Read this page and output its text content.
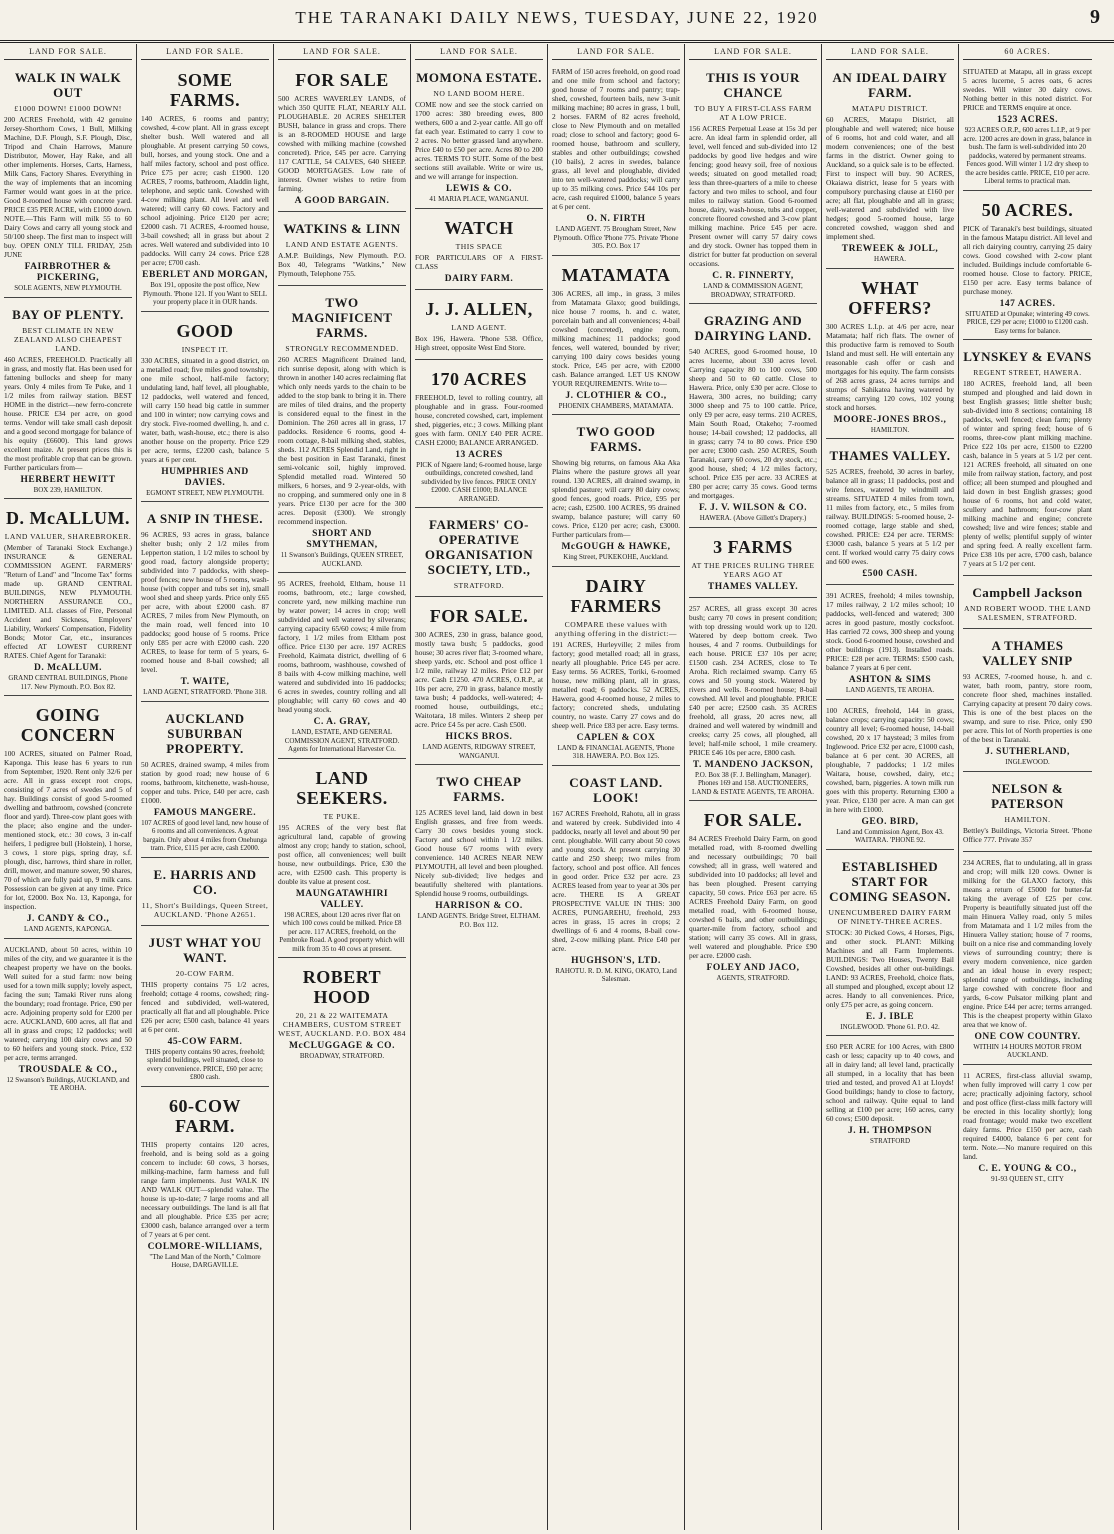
THE TARANAKI DAILY NEWS, TUESDAY, JUNE 22, 1920	9
LAND FOR SALE.
WALK IN WALK OUT
£1000 DOWN! £1000 DOWN!
200 ACRES Freehold, with 42 genuine Jersey-Shorthorn Cows, 1 Bull, Milking Machine, D.F. Plough, S.F. Plough, Disc, Tripod and Chain Harrows, Manure Distributor, Mower, Hay Rake, and all other implements. Horses, Carts, Harness, Milk Cans, Factory Shares. Everything in the way of implements that an incoming Farmer would want goes in at the price. Good 8-roomed house with concrete yard. PRICE £35 PER ACRE, with £1000 down. NOTE.—This Farm will milk 55 to 60 Dairy Cows and carry all young stock and 50/100 sheep. The first man to inspect will buy. OPEN ONLY TILL FRIDAY, 25th JUNE
FAIRBROTHER & PICKERING,
SOLE AGENTS, NEW PLYMOUTH.
BAY OF PLENTY.
BEST CLIMATE IN NEW ZEALAND ALSO CHEAPEST LAND.
460 ACRES, FREEHOLD. Practically all in grass, and mostly flat. Has been used for fattening bullocks and sheep for many years. Only 4 miles from Te Puke, and 1 1/2 miles from railway station. BEST HOME in the district—new ferro-concrete house. PRICE £34 per acre, on good terms. Vendor will take small cash deposit and a good second mortgage for balance of his equity (£6600). This land grows excellent maize. At present prices this is the most profitable crop that can be grown. Further particulars from—
HERBERT HEWITT
BOX 239, HAMILTON.
D. McALLUM.
LAND VALUER, SHAREBROKER.
(Member of Taranaki Stock Exchange.) INSURANCE & GENERAL COMMISSION AGENT. FARMERS' "Return of Land" and "Income Tax" forms made up. GRAND CENTRAL BUILDINGS, NEW PLYMOUTH. NORTHERN ASSURANCE CO., LIMITED. ALL classes of Fire, Personal Accident and Sickness, Employers' Liability, Workers' Compensation, Fidelity Bonds; Motor Car, etc., insurances effected AT LOWEST CURRENT RATES. Chief Agent for Taranaki:
D. McALLUM.
GRAND CENTRAL BUILDINGS, Phone 117. New Plymouth. P.O. Box 82.
GOING CONCERN
100 ACRES, situated on Palmer Road, Kaponga. This lease has 6 years to run from September, 1920. Rent only 32/6 per acre. All in grass except root crops, consisting of 7 acres of swedes and 5 of hay. Buildings consist of good 5-roomed dwelling and bathroom, cowshed (concrete floor and yard). Three-cow plant goes with the place; also engine and the under-mentioned stock, etc.: 30 cows, 3 in-calf heifers, 1 pedigree bull (Holstein), 1 horse, 3 cows, 1 store pigs, spring dray, s.f. plough, disc, harrows, third share in roller, drill, mower, and manure sower, 90 shares, 70 of which are fully paid up, 9 milk cans. Possession can be given at any time. Price for lot, £2000. Box No. 13, Kaponga, for inspection.
J. CANDY & CO.,
LAND AGENTS, KAPONGA.
AUCKLAND, about 50 acres, within 10 miles of the city, and we guarantee it is the cheapest property we have on the books. Well suited for a stud farm: now being used for a town milk supply; lovely aspect, facing the sun; Tamaki River runs along the boundary; road frontage. Price, £90 per acre. Adjoining property sold for £200 per acre. AUCKLAND, 600 acres, all flat and all in grass and crops; 12 paddocks; well watered; carrying 100 dairy cows and 50 to 60 heifers and young stock. Price, £32 per acre, terms arranged.
TROUSDALE & CO.,
12 Swanson's Buildings, AUCKLAND, and TE AROHA.
LAND FOR SALE.
SOME FARMS.
140 ACRES, 6 rooms and pantry; cowshed, 4-cow plant. All in grass except shelter bush. Well watered and all ploughable. At present carrying 50 cows, bull, horses, and young stock. One and a half miles factory, school and post office. Price £75 per acre; cash £1900. 120 ACRES, 7 rooms, bathroom, Aladdin light, telephone, and septic tank. Cowshed with 4-cow milking plant. All level and well watered; will carry 60 cows. Factory and school adjoining. Price £120 per acre; £2000 cash. 71 ACRES, 4-roomed house, 3-bail cowshed; all in grass but about 2 acres. Well watered and subdivided into 10 paddocks. Will carry 24 cows. Price £28 per acre; £700 cash.
EBERLET AND MORGAN,
Box 191, opposite the post office, New Plymouth. 'Phone 121. If you Want to SELL your property place it in OUR hands.
GOOD
INSPECT IT.
330 ACRES, situated in a good district, on a metalled road; five miles good township, one mile school, half-mile factory; undulating land, half level, all ploughable, 12 paddocks, well watered and fenced, will carry 150 head big cattle in summer and 100 in winter; now carrying cows and dry stock. Five-roomed dwelling, h. and c. water, bath, wash-house, etc.; there is also another house on the property. Price £29 per acre, terms, £2200 cash, balance 5 years at 6 per cent.
HUMPHRIES AND DAVIES.
EGMONT STREET, NEW PLYMOUTH.
A SNIP IN THESE.
96 ACRES, 93 acres in grass, balance shelter bush; only 2 1/2 miles from Lepperton station, 1 1/2 miles to school by good road, factory alongside property; subdivided into 7 paddocks, with sheep-proof fences; new house of 5 rooms, wash-house (with copper and tubs set in), small wool shed and sheep yards. Price only £65 per acre, with about £2000 cash. 87 ACRES, 7 miles from New Plymouth, on the main road, well fenced into 10 paddocks; good house of 5 rooms. Price only £85 per acre with £2000 cash. 220 ACRES, to lease for term of 5 years, 6-roomed house and 8-bail cowshed; all level.
T. WAITE,
LAND AGENT, STRATFORD. 'Phone 318.
AUCKLAND SUBURBAN PROPERTY.
50 ACRES, drained swamp, 4 miles from station by good road; new house of 6 rooms, bathroom, kitchenette, wash-house, copper and tubs. Price, £40 per acre, cash £1000.
FAMOUS MANGERE.
107 ACRES of good level land, new house of 6 rooms and all conveniences. A great bargain. Only about 4 miles from Onehunga tram. Price, £115 per acre, cash £2000.
E. HARRIS AND CO.
11, Short's Buildings, Queen Street, AUCKLAND. 'Phone A2651.
JUST WHAT YOU WANT.
20-COW FARM.
THIS property contains 75 1/2 acres, freehold; cottage 4 rooms, cowshed; ring-fenced and subdivided, well-watered, practically all flat and all ploughable. Price £26 per acre; £500 cash, balance 41 years at 6 per cent.
45-COW FARM.
THIS property contains 90 acres, freehold; splendid buildings, well situated, close to every convenience. PRICE, £60 per acre; £800 cash.
60-COW FARM.
THIS property contains 120 acres, freehold, and is being sold as a going concern to include: 60 cows, 3 horses, milking-machine, farm harness and full range farm implements. Just WALK IN AND WALK OUT—splendid value. The house is up-to-date; 7 large rooms and all necessary outbuildings. The land is all flat and all ploughable. Price £35 per acre; £3000 cash, balance arranged over a term of 7 years at 6 per cent.
COLMORE-WILLIAMS,
"The Land Man of the North," Colmore House, DARGAVILLE.
LAND FOR SALE.
FOR SALE
500 ACRES WAVERLEY LANDS, of which 350 QUITE FLAT, NEARLY ALL PLOUGHABLE. 20 ACRES SHELTER BUSH, balance in grass and crops. There is an 8-ROOMED HOUSE and large cowshed with milking machine (cowshed concreted). Price, £45 per acre. Carrying 117 CATTLE, 54 CALVES, 640 SHEEP. GOOD MORTGAGES. Low rate of interest. Owner wishes to retire from farming.
A GOOD BARGAIN.
WATKINS & LINN
LAND AND ESTATE AGENTS.
A.M.P. Buildings, New Plymouth. P.O. Box 40, Telegrams "Watkins," New Plymouth, Telephone 755.
TWO MAGNIFICENT FARMS.
STRONGLY RECOMMENDED.
260 ACRES Magnificent Drained land, rich sunrise deposit, along with which is thrown in another 140 acres reclaiming flat which only needs yards to the chain to be added to the stop bank to bring it in. There are miles of tiled drains, and the property is considered equal to the finest in the Dominion. The 260 acres all in grass, 17 paddocks. Residence 6 rooms, good 4-room cottage, 8-bail milking shed, stables, sheds. 112 ACRES Splendid Land, right in the best position in East Taranaki, finest semi-volcanic soil, highly improved. Splendid metalled road. Wintered 50 milkers, 6 horses, and 9 2-year-olds, with no cropping, and summered only one in 8 years. Price £130 per acre for the 300 acres. Deposit (£300). We strongly recommend inspection.
SHORT AND SMYTHEMAN,
11 Swanson's Buildings, QUEEN STREET, AUCKLAND.
95 ACRES, freehold, Eltham, house 11 rooms, bathroom, etc.; large cowshed, concrete yard, new milking machine run by water power; 14 acres in crop; well subdivided and well watered by silverans; carrying capacity 65/60 cows; 4 mile from factory, 1 1/2 miles from Eltham post office. Price £130 per acre. 197 ACRES Freehold, Kaimata district, dwelling of 6 rooms, bathroom, washhouse, cowshed of 8 bails with 4-cow milking machine, well watered and subdivided into 16 paddocks; 6 acres in swedes, country rolling and all ploughable; will carry 60 cows and 40 head young stock.
C. A. GRAY,
LAND, ESTATE, AND GENERAL COMMISSION AGENT, STRATFORD. Agents for International Harvester Co.
LAND SEEKERS.
TE PUKE.
195 ACRES of the very best flat agricultural land, capable of growing almost any crop; handy to station, school, post office, all conveniences; well built house, new outbuildings. Price, £30 the acre, with £2500 cash. This property is double its value at present cost.
MAUNGATAWHIRI VALLEY.
198 ACRES, about 120 acres river flat on which 100 cows could be milked. Price £8 per acre. 117 ACRES, freehold, on the Pembroke Road. A good property which will milk from 35 to 40 cows at present.
ROBERT HOOD
20, 21 & 22 WAITEMATA CHAMBERS, CUSTOM STREET WEST, AUCKLAND. P.O. BOX 484
McCLUGGAGE & CO.
BROADWAY, STRATFORD.
LAND FOR SALE.
MOMONA ESTATE.
NO LAND BOOM HERE.
COME now and see the stock carried on 1700 acres: 380 breeding ewes, 800 wethers, 600 a and 2-year cattle. All go off fat each year. Estimated to carry 1 cow to 2 acres. No better grassed land anywhere. Price £40 to £50 per acre. Acres 80 to 200 acres. TERMS TO SUIT. Some of the best sections still available. Write or wire us, and we will arrange for inspection.
LEWIS & CO.
41 MARIA PLACE, WANGANUI.
WATCH
THIS SPACE
FOR PARTICULARS OF A FIRST-CLASS
DAIRY FARM.
J. J. ALLEN,
LAND AGENT.
Box 196, Hawera. 'Phone 538. Office, High street, opposite West End Store.
170 ACRES
FREEHOLD, level to rolling country, all ploughable and in grass. Four-roomed house, concreted cowshed, cart, implement shed, piggeries, etc.; 3 cows. Milking plant goes with farm. ONLY £40 PER ACRE. CASH £2000; BALANCE ARRANGED.
13 ACRES
PICK of Ngaere land; 6-roomed house, large outbuildings, concreted cowshed, land subdivided by live fences. PRICE ONLY £2000. CASH £1000; BALANCE ARRANGED.
FARMERS' CO-OPERATIVE ORGANISATION SOCIETY, LTD.,
STRATFORD.
FOR SALE.
300 ACRES, 230 in grass, balance good, mostly tawa bush; 5 paddocks, good house; 30 acres river flat; 3-roomed whare, sheep yards, etc. School and post office 1 1/2 mile, railway 12 miles. Price £12 per acre. Cash £1250. 470 ACRES, O.R.P., at 10s per acre, 270 in grass, balance mostly tawa bush; 4 paddocks, well-watered; 4-roomed house, outbuildings, etc.; Waitotara, 18 miles. Winters 2 sheep per acre. Price £4 5s per acre. Cash £500.
HICKS BROS.
LAND AGENTS, RIDGWAY STREET, WANGANUI.
TWO CHEAP FARMS.
125 ACRES level land, laid down in best English grasses, and free from weeds. Carry 30 cows besides young stock. Factory and school within 1 1/2 miles. Good house 6/7 rooms with every convenience. 140 ACRES NEAR NEW PLYMOUTH, all level and been ploughed. Nicely sub-divided; live hedges and beautifully sheltered with plantations. Splendid house 9 rooms, outbuildings.
HARRISON & CO.
LAND AGENTS. Bridge Street, ELTHAM. P.O. Box 112.
LAND FOR SALE.
FARM of 150 acres freehold, on good road and one mile from school and factory; good house of 7 rooms and pantry; trap-shed, cowshed, fourteen bails, new 3-unit milking machine; 80 acres in grass, 1 bull, 2 horses. FARM of 82 acres freehold, close to New Plymouth and on metalled road; close to school and factory; good 6-roomed house, bathroom and scullery, stables and other outbuildings; cowshed (10 bails), 2 acres in swedes, balance grass, all level and ploughable, divided into ten well-watered paddocks; will carry up to 35 milking cows. Price £44 10s per acre, cash required £1000, balance 5 years at 6 per cent.
O. N. FIRTH
LAND AGENT. 75 Brougham Street, New Plymouth. Office 'Phone 775. Private 'Phone 305. P.O. Box 17
MATAMATA
306 ACRES, all imp., in grass, 3 miles from Matamata Glaxo; good buildings, nice house 7 rooms, h. and c. water, porcelain bath and all conveniences; 4-bail cowshed (concreted), engine room, milking machines; 11 paddocks; good fences, well watered, bounded by river; carrying 100 dairy cows besides young stock. Price, £45 per acre, with £2000 cash. Balance arranged. LET US KNOW YOUR REQUIREMENTS. Write to—
J. CLOTHIER & CO.,
PHOENIX CHAMBERS, MATAMATA.
TWO GOOD FARMS.
Showing big returns, on famous Aka Aka Plains where the pasture grows all year round. 130 ACRES, all drained swamp, in splendid pasture; will carry 80 dairy cows; good fences, good roads. Price, £95 per acre; cash, £2500. 100 ACRES, 95 drained swamp, balance pasture; will carry 60 cows. Price, £120 per acre; cash, £3000. Further particulars from—
McGOUGH & HAWKE,
King Street, PUKEKOHE, Auckland.
DAIRY FARMERS
COMPARE these values with anything offering in the district:—
191 ACRES, Hurleyville; 2 miles from factory; good metalled road; all in grass, nearly all ploughable. Price £45 per acre. Easy terms. 56 ACRES, Toriki, 6-roomed house, new milking plant, all in grass, metalled road; 6 paddocks. 52 ACRES, Hawera, good 4-roomed house, 2 miles to factory; concreted sheds, undulating country, no waste. Carry 27 cows and do sheep well. Price £83 per acre. Easy terms.
CAPLEN & COX
LAND & FINANCIAL AGENTS, 'Phone 318. HAWERA. P.O. Box 125.
COAST LAND. LOOK!
167 ACRES Freehold, Rahotu, all in grass and watered by creek. Subdivided into 4 paddocks, nearly all level and about 90 per cent. ploughable. Will carry about 50 cows and young stock. At present carrying 30 cattle and 250 sheep; two miles from factory, school and post office. All fences in good order. Price £32 per acre. 23 ACRES leased from year to year at 30s per acre. THERE IS A GREAT PROSPECTIVE VALUE IN THIS: 300 ACRES, PUNGAREHU, freehold, 293 acres in grass, 15 acres in crops; 2 dwellings of 6 and 4 rooms, 8-bail cow-shed, 2-cow milking plant. Price £40 per acre.
HUGHSON'S, LTD.
RAHOTU. R. D. M. KING, OKATO, Land Salesman.
LAND FOR SALE.
THIS IS YOUR CHANCE
TO BUY A FIRST-CLASS FARM AT A LOW PRICE.
156 ACRES Perpetual Lease at 15s 3d per acre. An ideal farm in splendid order, all level, well fenced and sub-divided into 12 paddocks by good live hedges and wire fencing; good heavy soil, free of noxious weeds; situated on good metalled road; less than three-quarters of a mile to cheese factory and two miles to school, and four miles to railway station. Good 6-roomed house, dairy, wash-house, tubs and copper, concrete floored cowshed and 3-cow plant milking machine. Price £45 per acre. Present owner will carry 57 dairy cows and dry stock. Owner has topped them in district for butter fat production on several occasions.
C. R. FINNERTY,
LAND & COMMISSION AGENT, BROADWAY, STRATFORD.
GRAZING AND DAIRYING LAND.
540 ACRES, good 6-roomed house, 10 acres lucerne, about 330 acres level. Carrying capacity 80 to 100 cows, 500 sheep and 50 to 60 cattle. Close to Hawera. Price, only £30 per acre. Close to Hawera, 300 acres, no building; carry 3000 sheep and 75 to 100 cattle. Price, only £9 per acre, easy terms. 210 ACRES, Main South Road, Otakeho; 7-roomed house; 14-bail cowshed; 12 paddocks, all in grass; carry 74 to 80 cows. Price £90 per acre; £3000 cash. 250 ACRES, South Taranaki, carry 60 cows, 20 dry stock, etc.; good house, shed; 4 1/2 miles factory, school. Price £35 per acre. 33 ACRES at £80 per acre; carry 35 cows. Good terms and mortgages.
F. J. V. WILSON & CO.
HAWERA. (Above Gillett's Drapery.)
3 FARMS
AT THE PRICES RULING THREE YEARS AGO AT
THAMES VALLEY.
257 ACRES, all grass except 30 acres bush; carry 70 cows in present condition; with top dressing would work up to 120. Watered by deep bottom creek. Two houses, 4 and 7 rooms. Outbuildings for each house. PRICE £37 10s per acre; £1500 cash. 234 ACRES, close to Te Aroha. Rich reclaimed swamp. Carry 65 cows and 50 young stock. Watered by rivers and wells. 8-roomed house; 8-bail cowshed. All level and ploughable. PRICE £40 per acre; £2500 cash. 35 ACRES freehold, all grass, 20 acres new, all drained and well watered by windmill and creeks; carry 25 cows, all ploughed, all level; half-mile school, 1 mile creamery. PRICE £46 10s per acre, £800 cash.
T. MANDENO JACKSON,
P.O. Box 38 (F. J. Bellingham, Manager). Phones 169 and 158. AUCTIONEERS, LAND & ESTATE AGENTS, TE AROHA.
FOR SALE.
84 ACRES Freehold Dairy Farm, on good metalled road, with 8-roomed dwelling and necessary outbuildings; 70 bail cowshed; all in grass, well watered and subdivided into 10 paddocks; all level and has been ploughed. Present carrying capacity, 50 cows. Price £63 per acre. 65 ACRES Freehold Dairy Farm, on good metalled road, with 6-roomed house, cowshed 6 bails, and other outbuildings; quarter-mile from factory, school and station; will carry 35 cows. All in grass, well watered and ploughable. Price £90 per acre. £2000 cash.
FOLEY AND JACO,
AGENTS, STRATFORD.
LAND FOR SALE.
AN IDEAL DAIRY FARM.
MATAPU DISTRICT.
60 ACRES, Matapu District, all ploughable and well watered; nice house of 6 rooms, hot and cold water, and all modern conveniences; one of the best farms in the district. Owner going to Auckland, so a quick sale is to be effected. First to inspect will buy. 90 ACRES, Okaiawa district, lease for 5 years with compulsory purchasing clause at £160 per acre; all flat, ploughable and all in grass; well-watered and subdivided with live hedges; good 5-roomed house, large concreted cowshed, waggon shed and implement shed.
TREWEEK & JOLL,
HAWERA.
WHAT OFFERS?
300 ACRES L.I.p. at 4/6 per acre, near Matamata; half rich flats. The owner of this productive farm is removed to South Island and must sell. He will entertain any reasonable cash offer or cash and mortgages for his equity. The farm consists of 268 acres grass, 24 acres turnips and stumps of Sahikatea having watered by streams; carrying 120 cows, 102 young stock and horses.
MOORE-JONES BROS.,
HAMILTON.
THAMES VALLEY.
525 ACRES, freehold, 30 acres in barley, balance all in grass; 11 paddocks, post and wire fences, watered by windmill and streams. SITUATED 4 miles from town, 11 miles from factory, etc., 5 miles from railway. BUILDINGS: 5-roomed house, 2-roomed cottage, large stable and shed, cowshed. PRICE: £24 per acre. TERMS: £3000 cash, balance 5 years at 5 1/2 per cent. If worked would carry 75 dairy cows and 600 ewes.
£500 CASH.
391 ACRES, freehold; 4 miles township, 17 miles railway, 2 1/2 miles school; 10 paddocks, well-fenced and watered; 300 acres in good pasture, mostly cocksfoot. Has carried 72 cows, 300 sheep and young stock. Good 6-roomed house, cowshed and other buildings (1913). Installed roads. PRICE: £28 per acre. TERMS: £500 cash, balance 7 years at 6 per cent.
ASHTON & SIMS
LAND AGENTS, TE AROHA.
100 ACRES, freehold, 144 in grass, balance crops; carrying capacity: 50 cows; country all level; 6-roomed house, 14-bail cowshed, 20 x 17 haystead; 3 miles from Inglewood. Price £32 per acre, £1000 cash, balance at 6 per cent. 30 ACRES, all ploughable, 7 paddocks; 1 1/2 miles Waitara, house, cowshed, dairy, etc.; cowshed, barn, piggeries. A town milk run goes with this property. Returning £300 a year. Price, £130 per acre. A man can get in here with £1000.
GEO. BIRD,
Land and Commission Agent, Box 43. WAITARA. 'PHONE 92.
ESTABLISHED START FOR COMING SEASON.
UNENCUMBERED DAIRY FARM OF NINETY-THREE ACRES.
STOCK: 30 Picked Cows, 4 Horses, Pigs, and other stock. PLANT: Milking Machines and all Farm Implements. BUILDINGS: Two Houses, Twenty Bail Cowshed, besides all other out-buildings. LAND: 93 ACRES, Freehold, choice flats, all stumped and ploughed, except about 12 acres. Handy to all conveniences. Price, only £75 per acre, as going concern.
E. J. IBLE
INGLEWOOD. 'Phone 61. P.O. 42.
£60 PER ACRE for 100 Acres, with £800 cash or less; capacity up to 40 cows, and all in dairy land; all level land, practically all stumped, in a locality that has been tried and tested, and proved A1 at Lloyds! Good buildings; handy to close to factory, school and railway. Quite equal to land selling at £100 per acre; 160 acres, carry 60 cows; £500 deposit.
J. H. THOMPSON
STRATFORD
60 ACRES.
SITUATED at Matapu, all in grass except 5 acres lucerne, 5 acres oats, 6 acres swedes. Will winter 30 dairy cows. Nothing better in this noted district. For PRICE and TERMS enquire at once.
1523 ACRES.
923 ACRES O.R.P., 600 acres L.I.P., at 9 per acre. 1200 acres are down in grass, balance in bush. The farm is well-subdivided into 20 paddocks, watered by permanent streams. Fences good. Will winter 1 1/2 dry sheep to the acre besides cattle. PRICE, £10 per acre. Liberal terms to practical man.
50 ACRES.
PICK of Taranaki's best buildings, situated in the famous Matapu district. All level and all rich dairying country, carrying 25 dairy cows. Good cowshed with 2-cow plant included. Buildings include comfortable 6-roomed house. Close to factory. PRICE, £150 per acre. Easy terms balance of purchase money.
147 ACRES.
SITUATED at Opunake; wintering 49 cows. PRICE, £29 per acre; £1000 to £1200 cash. Easy terms for balance.
LYNSKEY & EVANS
REGENT STREET, HAWERA.
180 ACRES, freehold land, all been stumped and ploughed and laid down in best English grasses; little shelter bush; sub-divided into 8 sections; containing 18 paddocks, well fenced; clean farm; plenty of winter and spring feed; house of 6 rooms, three-cow plant milking machine. Price £22 10s per acre, £1500 to £2200 cash, balance in 5 years at 5 1/2 per cent. 121 ACRES freehold, all situated on one mile from railway station, factory, and post office; all been stumped and ploughed and laid down in best English grasses; good house of 6 rooms, hot and cold water, scullery and bathroom; four-cow plant milking machine and engine; concrete cowshed; live and wire fences; stable and plenty of wells; plentiful supply of winter and spring feed. A really excellent farm. Price £38 10s per acre, £700 cash, balance 7 years at 5 1/2 per cent.
Campbell Jackson
AND ROBERT WOOD. THE LAND SALESMEN, STRATFORD.
A THAMES VALLEY SNIP
93 ACRES, 7-roomed house, h. and c. water, bath room, pantry, store room, concrete floor shed, machines installed. Carrying capacity at present 70 dairy cows. This is one of the best places on the swamp, and sure to rise. Price, only £90 per acre. This lot of North properties is one of the best in Taranaki.
J. SUTHERLAND,
INGLEWOOD.
NELSON & PATERSON
HAMILTON.
Bettley's Buildings, Victoria Street. 'Phone Office 777. Private 357
234 ACRES, flat to undulating, all in grass and crop; will milk 120 cows. Owner is milking for the GLAXO factory, this means a return of £5000 for butter-fat taking the average of £25 per cow. Property is beautifully situated just off the main Hinuera Valley road, only 5 miles from Matamata and 1 1/2 miles from the Hinuera Valley station; house of 7 rooms, built on a nice rise and commanding lovely views of surrounding country; there is every modern convenience, nice garden and an ideal house in every respect; splendid range of outbuildings, including large cowshed with concrete floor and yards, 6-cow Pulsator milking plant and engine. Price £44 per acre; terms arranged. This is the cheapest property within Glaxo area that we know of.
ONE COW COUNTRY.
WITHIN 14 HOURS MOTOR FROM AUCKLAND.
11 ACRES, first-class alluvial swamp, when fully improved will carry 1 cow per acre; practically adjoining factory, school and post office (first-class milk factory will be erected in this locality shortly); long road frontage; would make two excellent dairy farms. Price £150 per acre, cash required £4000, balance 6 per cent for term. Note.—No manure required on this land.
C. E. YOUNG & CO.,
91-93 QUEEN ST., CITY
